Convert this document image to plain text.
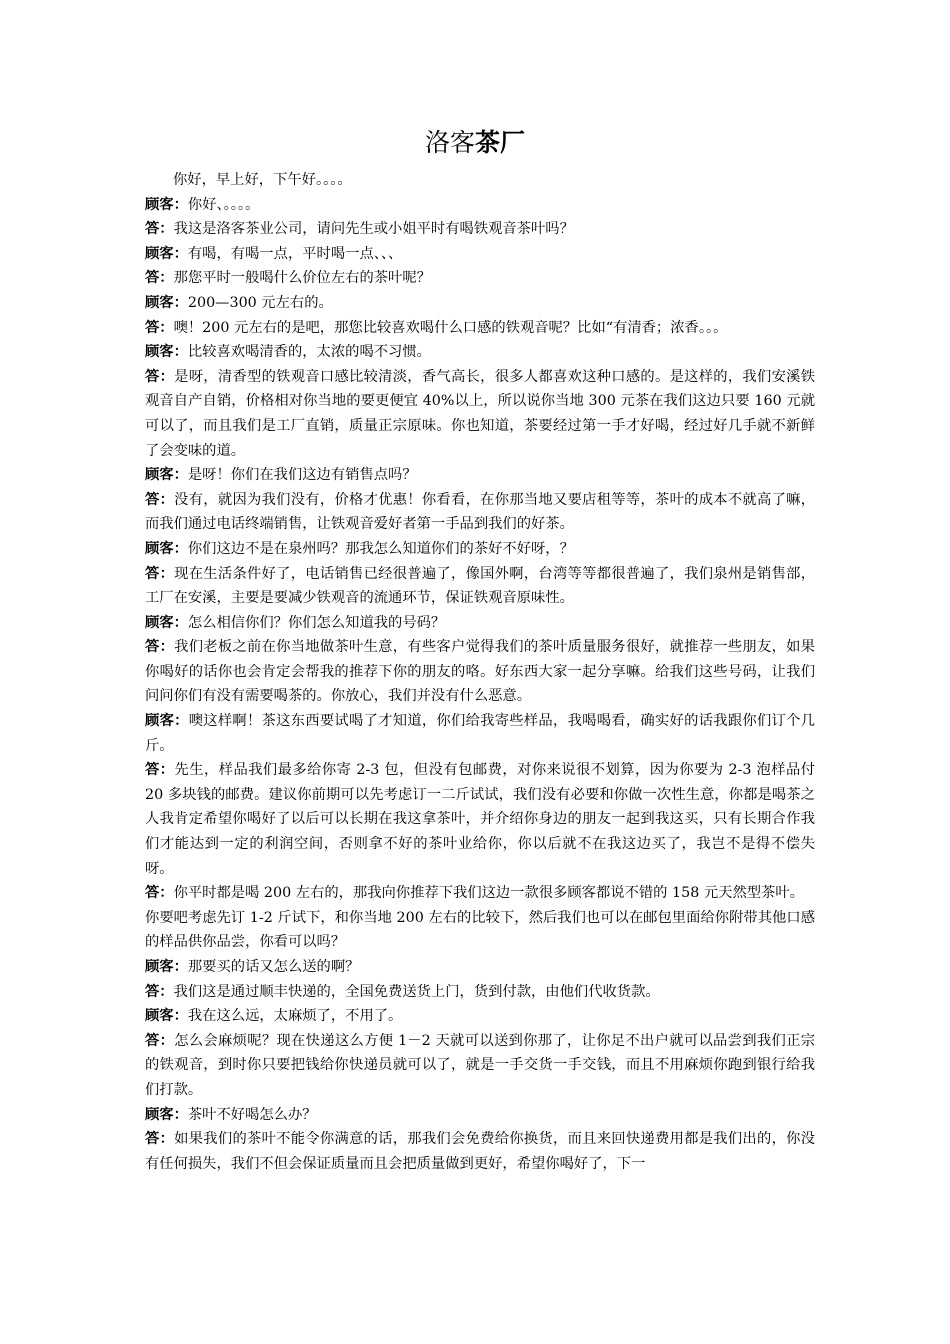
洛客茶厂

你好，早上好，下午好。。。。

顾客：你好、。。。。

答：我这是洛客茶业公司，请问先生或小姐平时有喝铁观音茶叶吗？

顾客：有喝，有喝一点，平时喝一点、、、

答：那您平时一般喝什么价位左右的茶叶呢？

顾客：200—300 元左右的。

答：噢！200 元左右的是吧，那您比较喜欢喝什么口感的铁观音呢？比如“有清香；浓香。。。

顾客：比较喜欢喝清香的，太浓的喝不习惯。

答：是呀，清香型的铁观音口感比较清淡，香气高长，很多人都喜欢这种口感的。是这样的，我们安溪铁观音自产自销，价格相对你当地的要更便宜 40%以上，所以说你当地 300 元茶在我们这边只要 160 元就可以了，而且我们是工厂直销，质量正宗原味。你也知道，茶要经过第一手才好喝，经过好几手就不新鲜了会变味的道。

顾客：是呀！你们在我们这边有销售点吗？

答：没有，就因为我们没有，价格才优惠！你看看，在你那当地又要店租等等，茶叶的成本不就高了嘛，而我们通过电话终端销售，让铁观音爱好者第一手品到我们的好茶。

顾客：你们这边不是在泉州吗？那我怎么知道你们的茶好不好呀，？

答：现在生活条件好了，电话销售已经很普遍了，像国外啊，台湾等等都很普遍了，我们泉州是销售部，工厂在安溪，主要是要减少铁观音的流通环节，保证铁观音原味性。

顾客：怎么相信你们？你们怎么知道我的号码？

答：我们老板之前在你当地做茶叶生意，有些客户觉得我们的茶叶质量服务很好，就推荐一些朋友，如果你喝好的话你也会肯定会帮我的推荐下你的朋友的咯。好东西大家一起分享嘛。给我们这些号码，让我们问问你们有没有需要喝茶的。你放心，我们并没有什么恶意。

顾客：噢这样啊！茶这东西要试喝了才知道，你们给我寄些样品，我喝喝看，确实好的话我跟你们订个几斤。

答：先生，样品我们最多给你寄 2-3 包，但没有包邮费，对你来说很不划算，因为你要为 2-3 泡样品付 20 多块钱的邮费。建议你前期可以先考虑订一二斤试试，我们没有必要和你做一次性生意，你都是喝茶之人我肯定希望你喝好了以后可以长期在我这拿茶叶，并介绍你身边的朋友一起到我这买，只有长期合作我们才能达到一定的利润空间，否则拿不好的茶叶业给你，你以后就不在我这边买了，我岂不是得不偿失呀。

答：你平时都是喝 200 左右的，那我向你推荐下我们这边一款很多顾客都说不错的 158 元天然型茶叶。

你要吧考虑先订 1-2 斤试下，和你当地 200 左右的比较下，然后我们也可以在邮包里面给你附带其他口感的样品供你品尝，你看可以吗？

顾客：那要买的话又怎么送的啊？

答：我们这是通过顺丰快递的，全国免费送货上门，货到付款，由他们代收货款。

顾客：我在这么远，太麻烦了，不用了。

答：怎么会麻烦呢？现在快递这么方便 1－2 天就可以送到你那了，让你足不出户就可以品尝到我们正宗的铁观音，到时你只要把钱给你快递员就可以了，就是一手交货一手交钱，而且不用麻烦你跑到银行给我们打款。

顾客：茶叶不好喝怎么办？

答：如果我们的茶叶不能令你满意的话，那我们会免费给你换货，而且来回快递费用都是我们出的，你没有任何损失，我们不但会保证质量而且会把质量做到更好，希望你喝好了，下一
